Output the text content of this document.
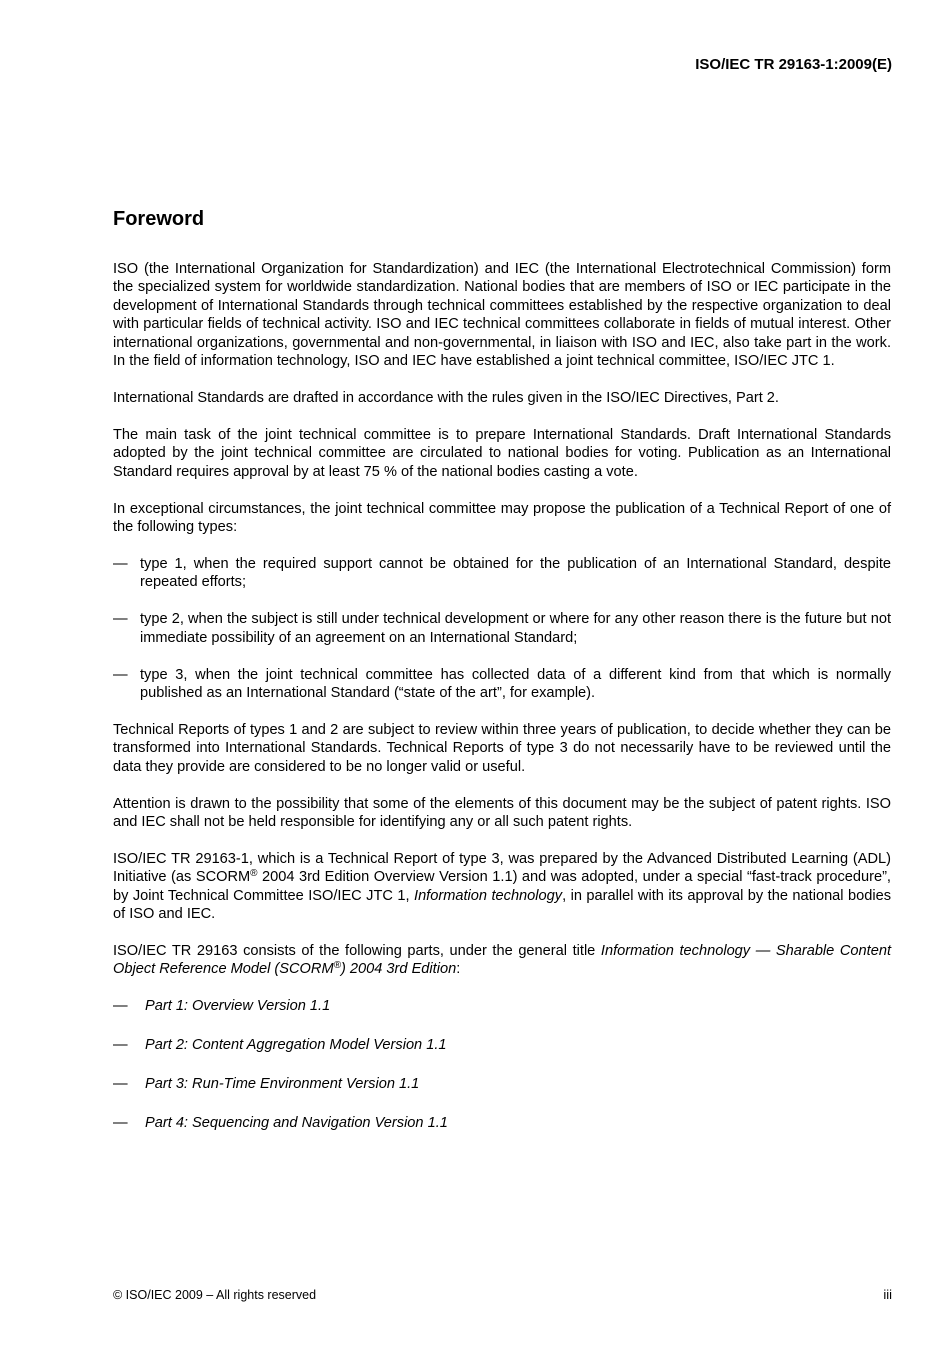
ISO/IEC TR 29163-1:2009(E)
Foreword

ISO (the International Organization for Standardization) and IEC (the International Electrotechnical Commission) form the specialized system for worldwide standardization. National bodies that are members of ISO or IEC participate in the development of International Standards through technical committees established by the respective organization to deal with particular fields of technical activity. ISO and IEC technical committees collaborate in fields of mutual interest. Other international organizations, governmental and non-governmental, in liaison with ISO and IEC, also take part in the work. In the field of information technology, ISO and IEC have established a joint technical committee, ISO/IEC JTC 1.

International Standards are drafted in accordance with the rules given in the ISO/IEC Directives, Part 2.

The main task of the joint technical committee is to prepare International Standards. Draft International Standards adopted by the joint technical committee are circulated to national bodies for voting. Publication as an International Standard requires approval by at least 75 % of the national bodies casting a vote.

In exceptional circumstances, the joint technical committee may propose the publication of a Technical Report of one of the following types:

— type 1, when the required support cannot be obtained for the publication of an International Standard, despite repeated efforts;
— type 2, when the subject is still under technical development or where for any other reason there is the future but not immediate possibility of an agreement on an International Standard;
— type 3, when the joint technical committee has collected data of a different kind from that which is normally published as an International Standard (“state of the art”, for example).

Technical Reports of types 1 and 2 are subject to review within three years of publication, to decide whether they can be transformed into International Standards. Technical Reports of type 3 do not necessarily have to be reviewed until the data they provide are considered to be no longer valid or useful.

Attention is drawn to the possibility that some of the elements of this document may be the subject of patent rights. ISO and IEC shall not be held responsible for identifying any or all such patent rights.

ISO/IEC TR 29163-1, which is a Technical Report of type 3, was prepared by the Advanced Distributed Learning (ADL) Initiative (as SCORM® 2004 3rd Edition Overview Version 1.1) and was adopted, under a special “fast-track procedure”, by Joint Technical Committee ISO/IEC JTC 1, Information technology, in parallel with its approval by the national bodies of ISO and IEC.

ISO/IEC TR 29163 consists of the following parts, under the general title Information technology — Sharable Content Object Reference Model (SCORM®) 2004 3rd Edition:

— Part 1: Overview Version 1.1
— Part 2: Content Aggregation Model Version 1.1
— Part 3: Run-Time Environment Version 1.1
— Part 4: Sequencing and Navigation Version 1.1
© ISO/IEC 2009 – All rights reserved	iii
